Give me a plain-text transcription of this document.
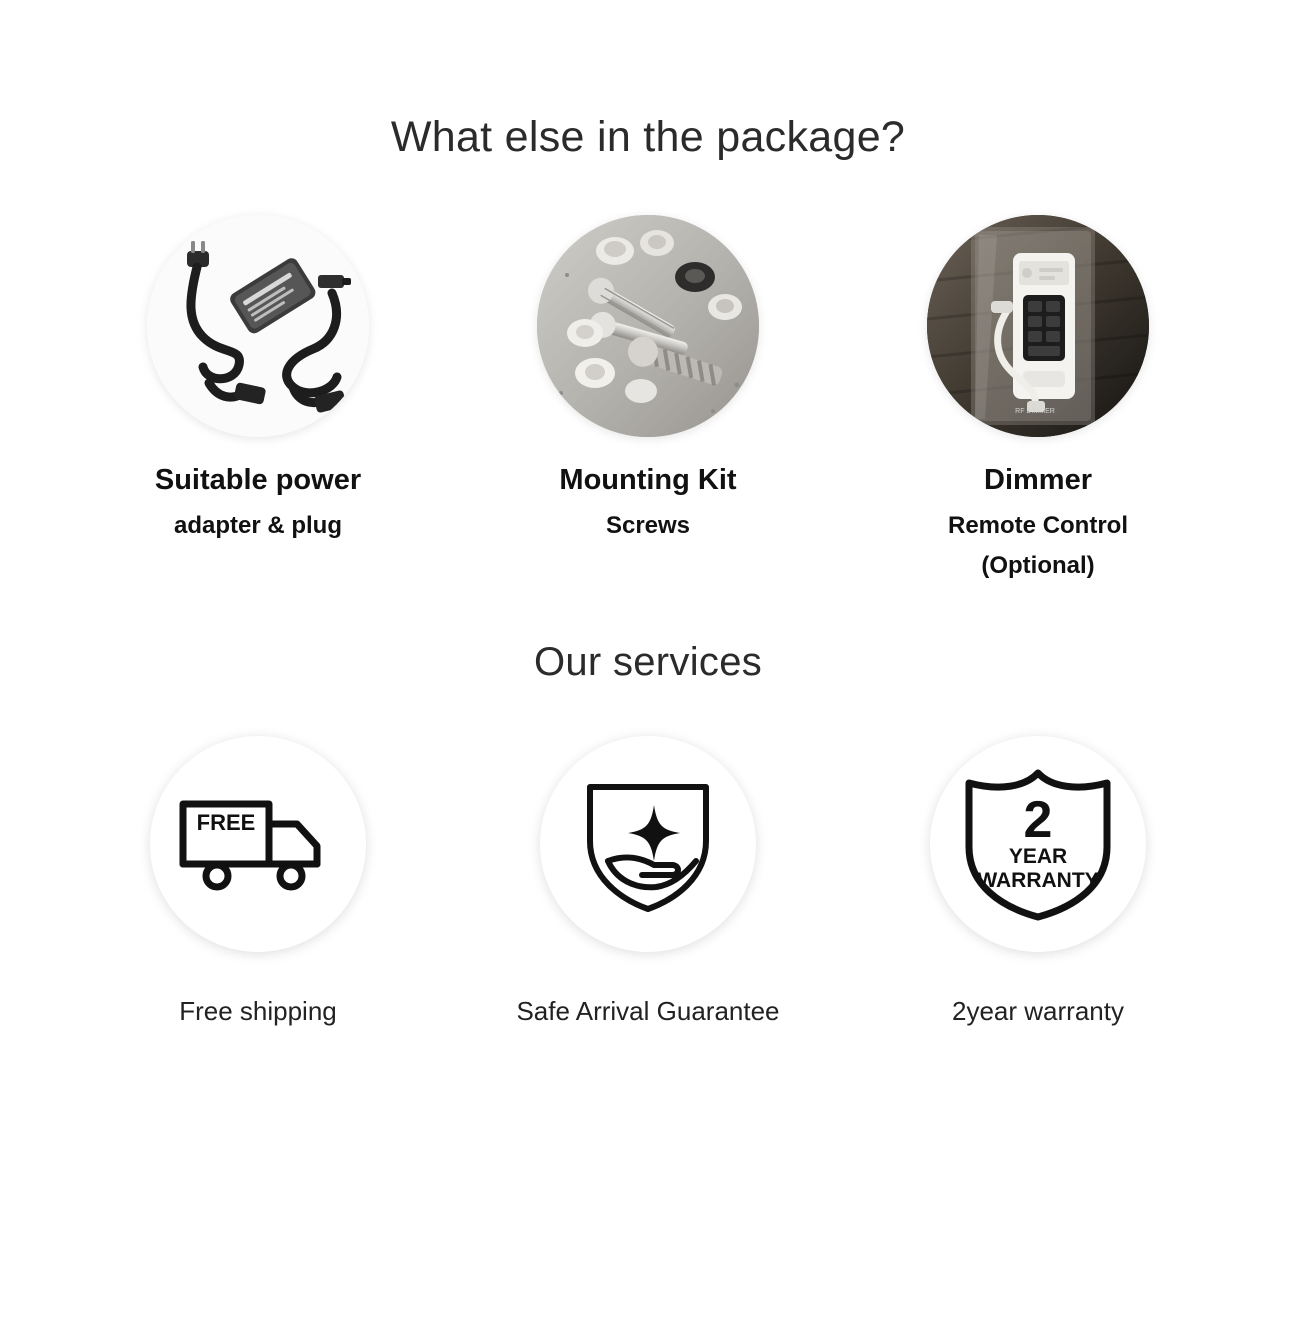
What else in the package?
Suitable power
adapter & plug
Mounting Kit
Screws
RF DIMMER
Dimmer
Remote Control
(Optional)
Our services
FREE
Free shipping	Safe Arrival Guarantee
2
YEAR
WARRANTY
2year warranty
